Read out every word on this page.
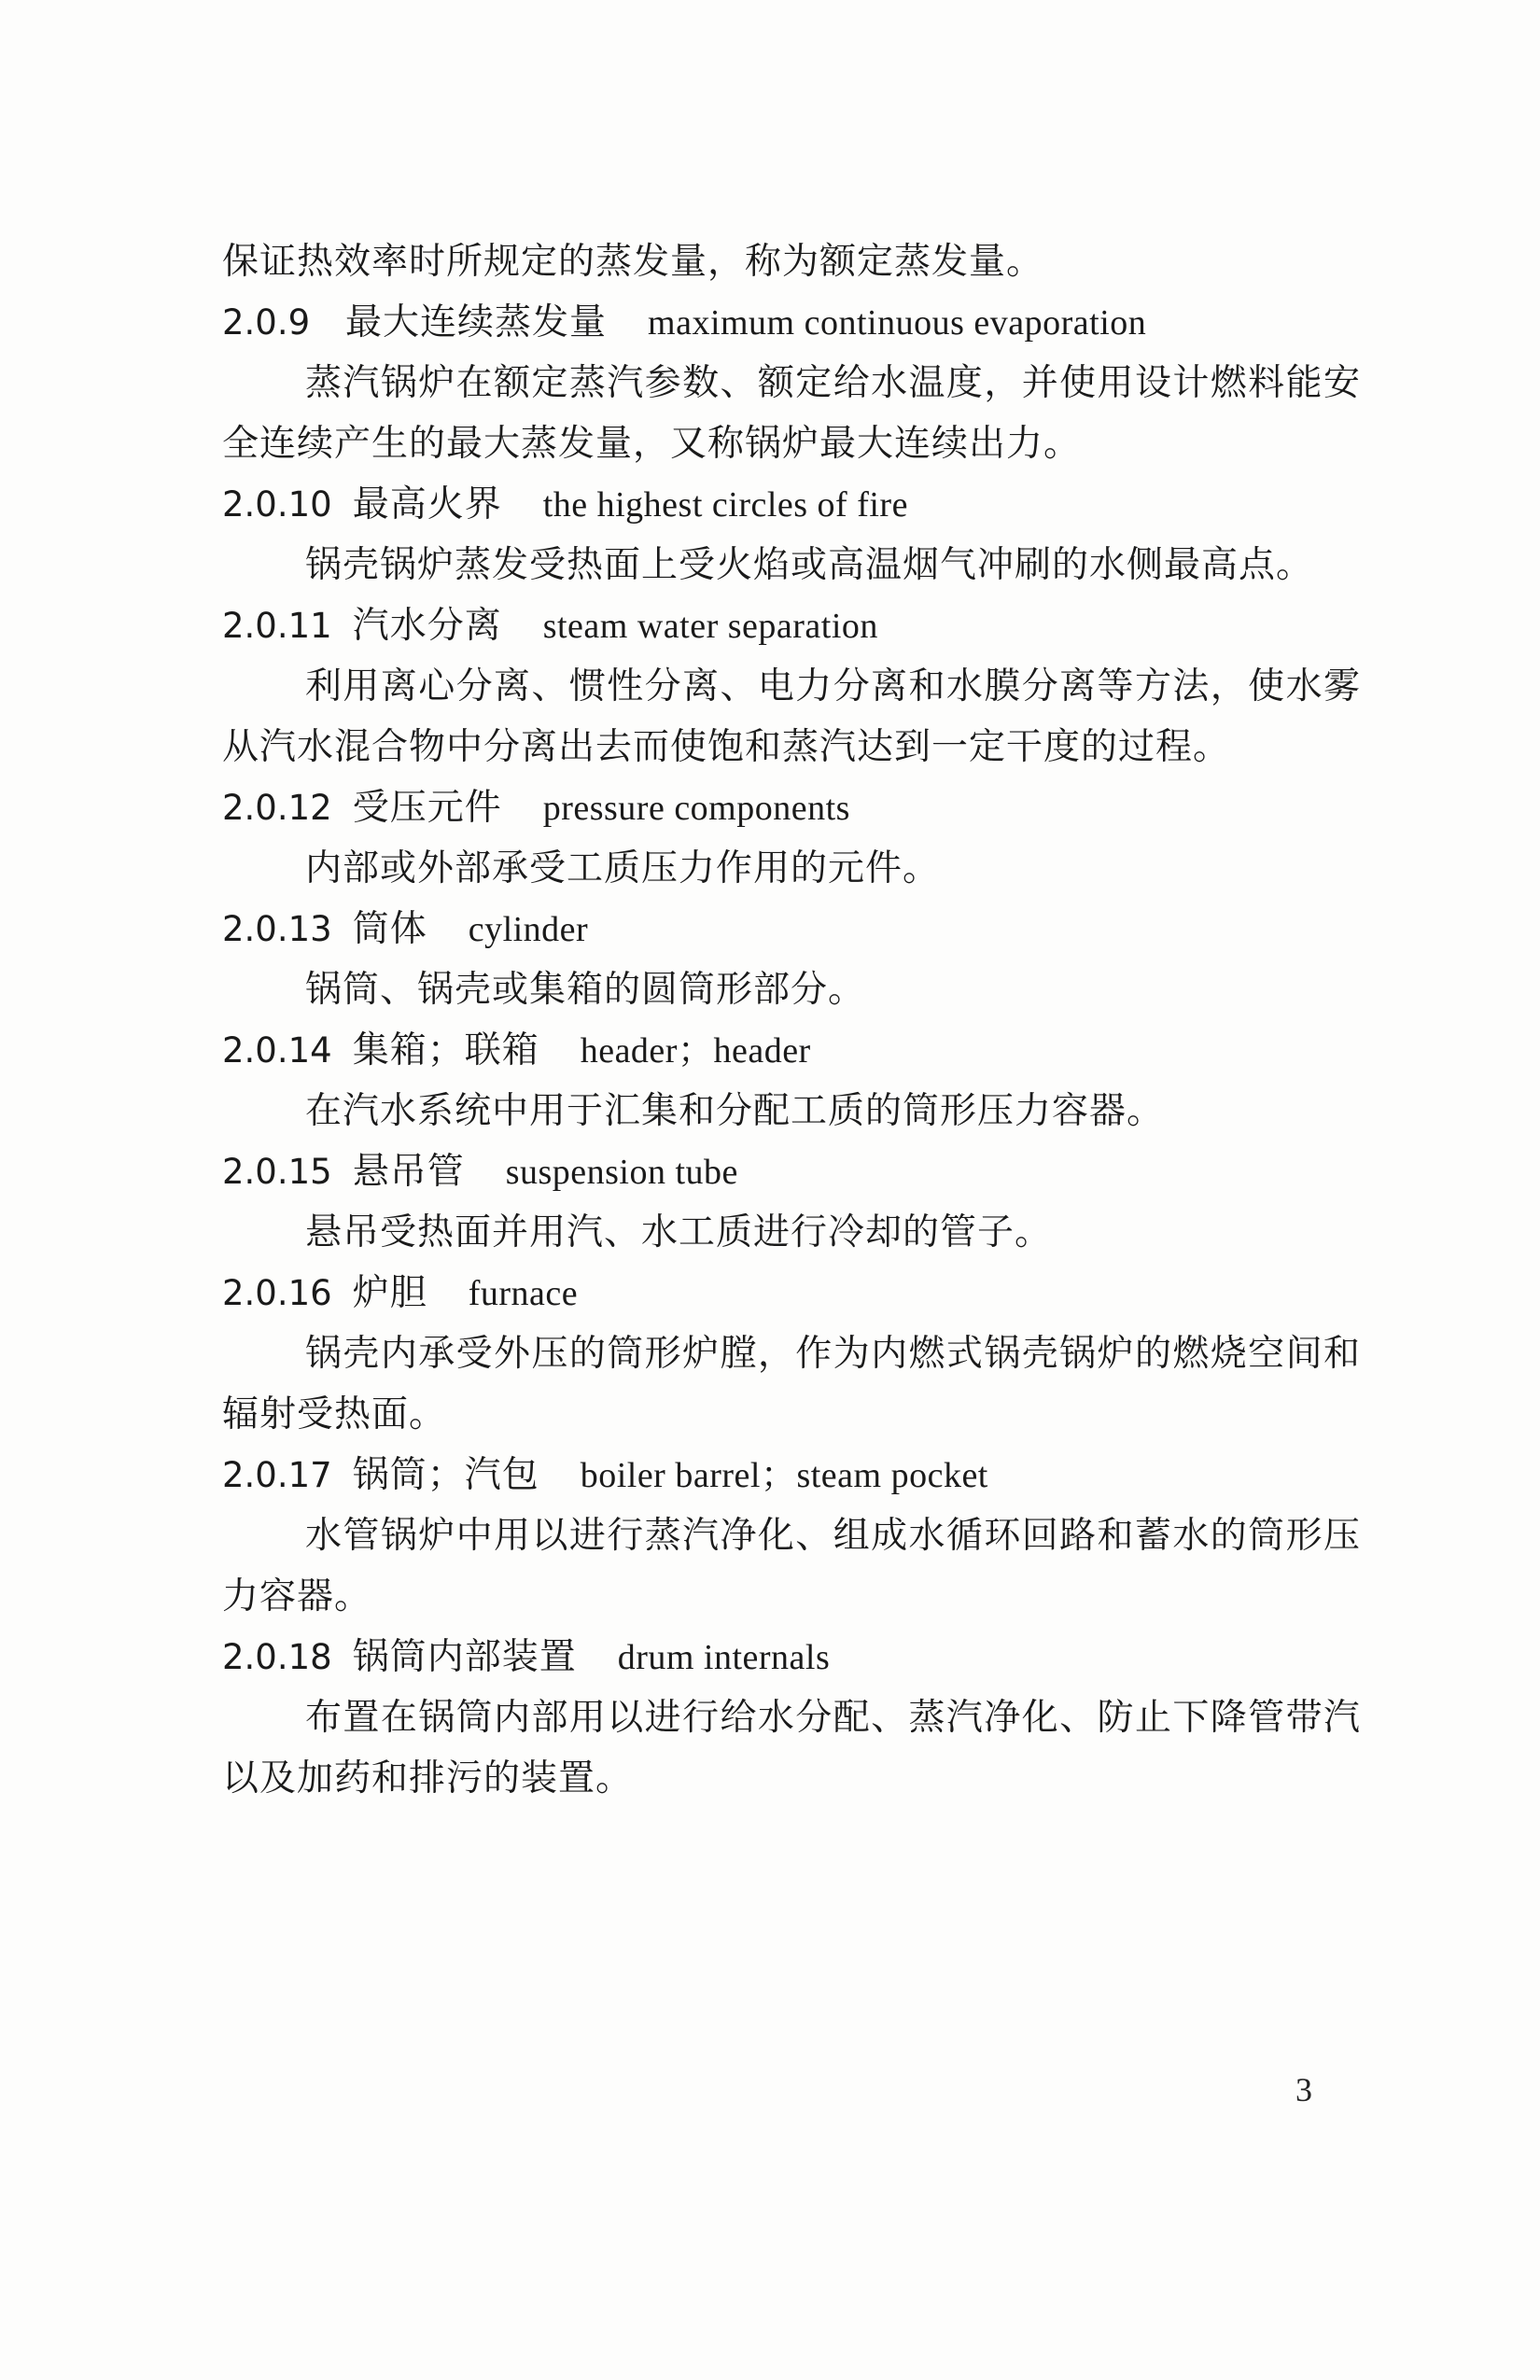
保证热效率时所规定的蒸发量，称为额定蒸发量。
2.0.9 最大连续蒸发量 maximum continuous evaporation
蒸汽锅炉在额定蒸汽参数、额定给水温度，并使用设计燃料能安全连续产生的最大蒸发量，又称锅炉最大连续出力。
2.0.10 最高火界 the highest circles of fire
锅壳锅炉蒸发受热面上受火焰或高温烟气冲刷的水侧最高点。
2.0.11 汽水分离 steam water separation
利用离心分离、惯性分离、电力分离和水膜分离等方法，使水雾从汽水混合物中分离出去而使饱和蒸汽达到一定干度的过程。
2.0.12 受压元件 pressure components
内部或外部承受工质压力作用的元件。
2.0.13 筒体 cylinder
锅筒、锅壳或集箱的圆筒形部分。
2.0.14 集箱；联箱 header；header
在汽水系统中用于汇集和分配工质的筒形压力容器。
2.0.15 悬吊管 suspension tube
悬吊受热面并用汽、水工质进行冷却的管子。
2.0.16 炉胆 furnace
锅壳内承受外压的筒形炉膛，作为内燃式锅壳锅炉的燃烧空间和辐射受热面。
2.0.17 锅筒；汽包 boiler barrel；steam pocket
水管锅炉中用以进行蒸汽净化、组成水循环回路和蓄水的筒形压力容器。
2.0.18 锅筒内部装置 drum internals
布置在锅筒内部用以进行给水分配、蒸汽净化、防止下降管带汽以及加药和排污的装置。
3
